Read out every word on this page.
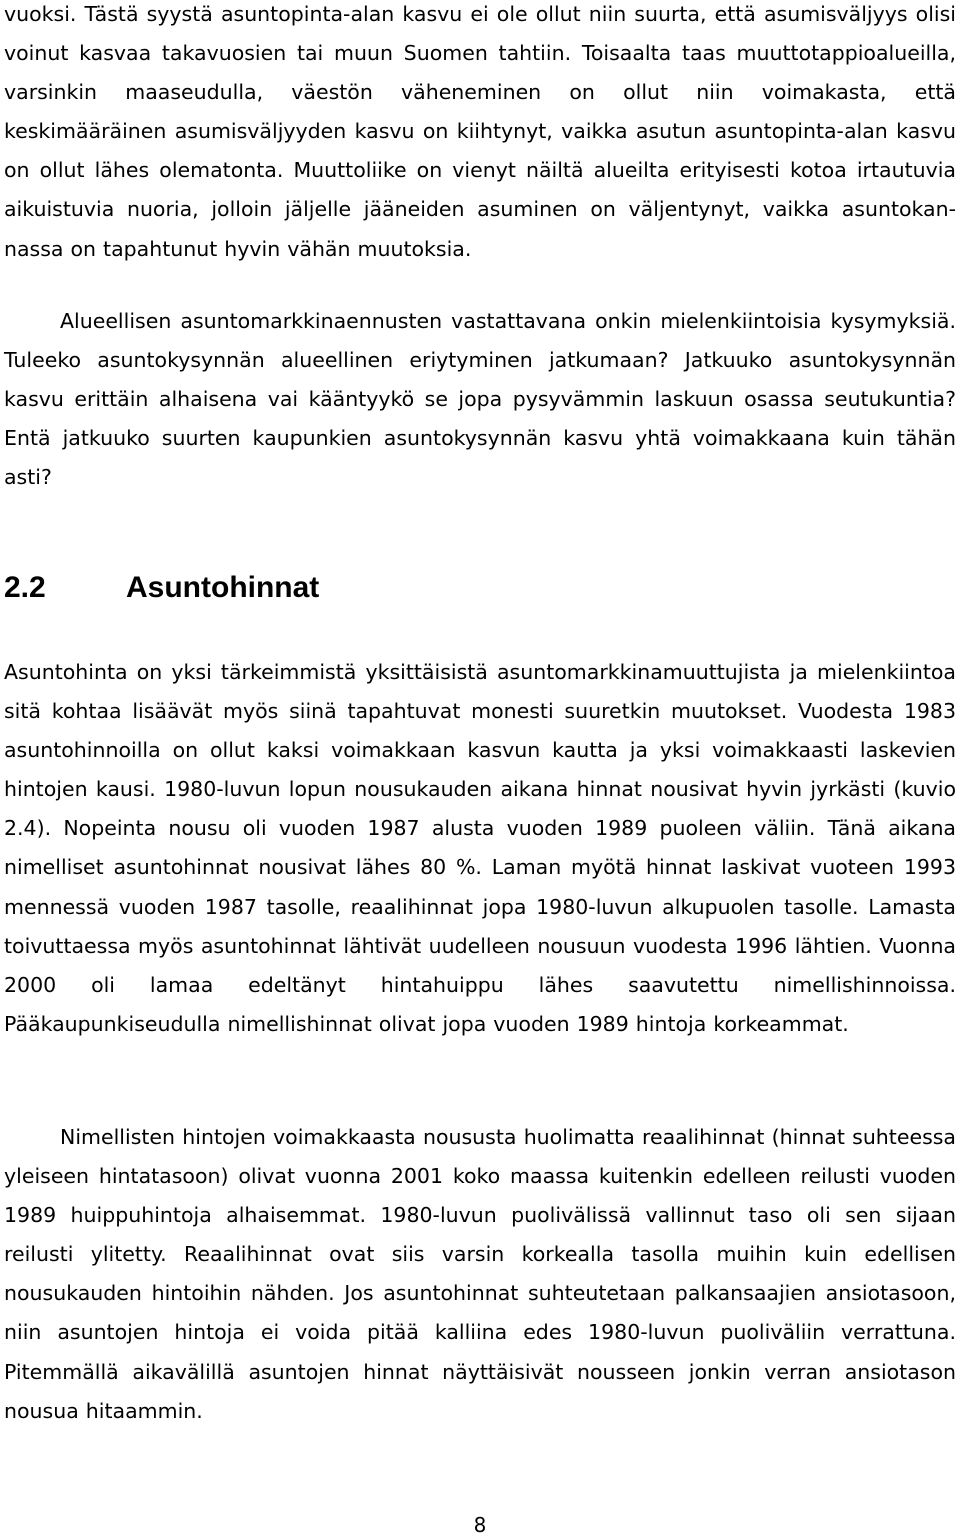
vuoksi. Tästä syystä asuntopinta-alan kasvu ei ole ollut niin suurta, että asumisväljyys olisi voinut kasvaa takavuosien tai muun Suomen tahtiin. Toisaalta taas muuttotappioalueilla, varsinkin maaseudulla, väestön väheneminen on ollut niin voimakasta, että keskimääräinen asumisväljyyden kasvu on kiihtynyt, vaikka asutun asuntopinta-alan kasvu on ollut lähes olematonta. Muuttoliike on vienyt näiltä alueilta erityisesti kotoa irtautuvia aikuistuvia nuoria, jolloin jäljelle jääneiden asuminen on väljentynyt, vaikka asuntokannassa on tapahtunut hyvin vähän muutoksia.

Alueellisen asuntomarkkinaennusten vastattavana onkin mielenkiintoisia kysymyksiä. Tuleeko asuntokysynnän alueellinen eriytyminen jatkumaan? Jatkuuko asuntokysynnän kasvu erittäin alhaisena vai kääntyykö se jopa pysyvämmin laskuun osassa seutukuntia? Entä jatkuuko suurten kaupunkien asuntokysynnän kasvu yhtä voimakkaana kuin tähän asti?

2.2	Asuntohinnat

Asuntohinta on yksi tärkeimmistä yksittäisistä asuntomarkkinamuuttujista ja mielenkiintoa sitä kohtaa lisäävät myös siinä tapahtuvat monesti suuretkin muutokset. Vuodesta 1983 asuntohinnoilla on ollut kaksi voimakkaan kasvun kautta ja yksi voimakkaasti laskevien hintojen kausi. 1980-luvun lopun nousukauden aikana hinnat nousivat hyvin jyrkästi (kuvio 2.4). Nopeinta nousu oli vuoden 1987 alusta vuoden 1989 puoleen väliin. Tänä aikana nimelliset asuntohinnat nousivat lähes 80 %. Laman myötä hinnat laskivat vuoteen 1993 mennessä vuoden 1987 tasolle, reaalihinnat jopa 1980-luvun alkupuolen tasolle. Lamasta toivuttaessa myös asuntohinnat lähtivät uudelleen nousuun vuodesta 1996 lähtien. Vuonna 2000 oli lamaa edeltänyt hintahuippu lähes saavutettu nimellishinnoissa. Pääkaupunkiseudulla nimellishinnat olivat jopa vuoden 1989 hintoja korkeammat.

Nimellisten hintojen voimakkaasta noususta huolimatta reaalihinnat (hinnat suhteessa yleiseen hintatasoon) olivat vuonna 2001 koko maassa kuitenkin edelleen reilusti vuoden 1989 huippuhintoja alhaisemmat. 1980-luvun puolivälissä vallinnut taso oli sen sijaan reilusti ylitetty. Reaalihinnat ovat siis varsin korkealla tasolla muihin kuin edellisen nousukauden hintoihin nähden. Jos asuntohinnat suhteutetaan palkansaajien ansiotasoon, niin asuntojen hintoja ei voida pitää kalliina edes 1980-luvun puoliväliin verrattuna. Pitemmällä aikavälillä asuntojen hinnat näyttäisivät nousseen jonkin verran ansiotason nousua hitaammin.

8
